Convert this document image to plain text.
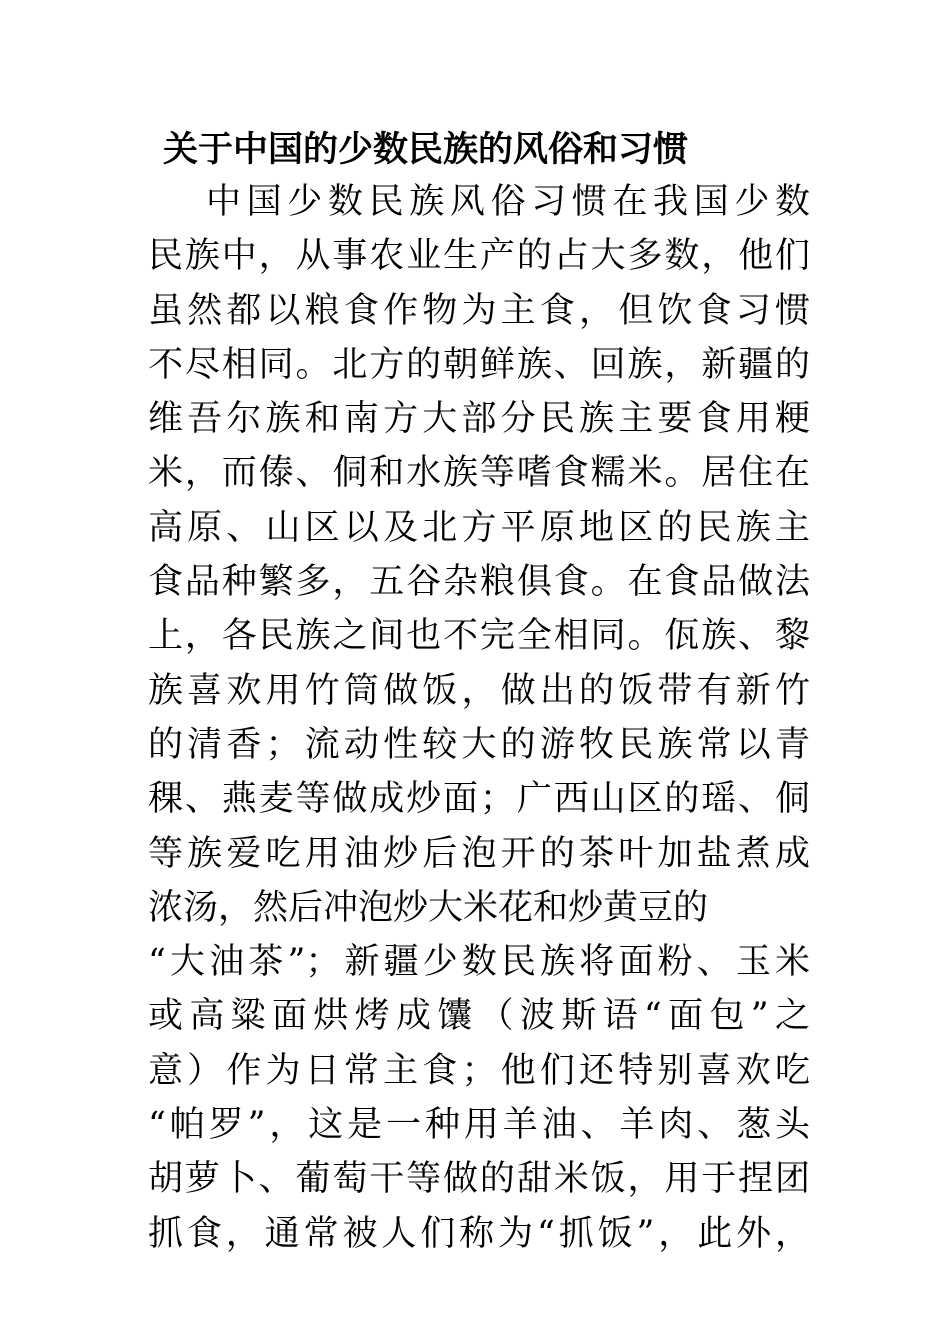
关于中国的少数民族的风俗和习惯
中国少数民族风俗习惯在我国少数
民族中，从事农业生产的占大多数，他们
虽然都以粮食作物为主食，但饮食习惯
不尽相同。北方的朝鲜族、回族，新疆的
维吾尔族和南方大部分民族主要食用粳
米，而傣、侗和水族等嗜食糯米。居住在
高原、山区以及北方平原地区的民族主
食品种繁多，五谷杂粮俱食。在食品做法
上，各民族之间也不完全相同。佤族、黎
族喜欢用竹筒做饭，做出的饭带有新竹
的清香；流动性较大的游牧民族常以青
稞、燕麦等做成炒面；广西山区的瑶、侗
等族爱吃用油炒后泡开的茶叶加盐煮成
浓汤，然后冲泡炒大米花和炒黄豆的
“大油茶”；新疆少数民族将面粉、玉米
或高粱面烘烤成馕（波斯语“面包”之
意）作为日常主食；他们还特别喜欢吃
“帕罗”，这是一种用羊油、羊肉、葱头
胡萝卜、葡萄干等做的甜米饭，用于捏团
抓食，通常被人们称为“抓饭”，此外，
